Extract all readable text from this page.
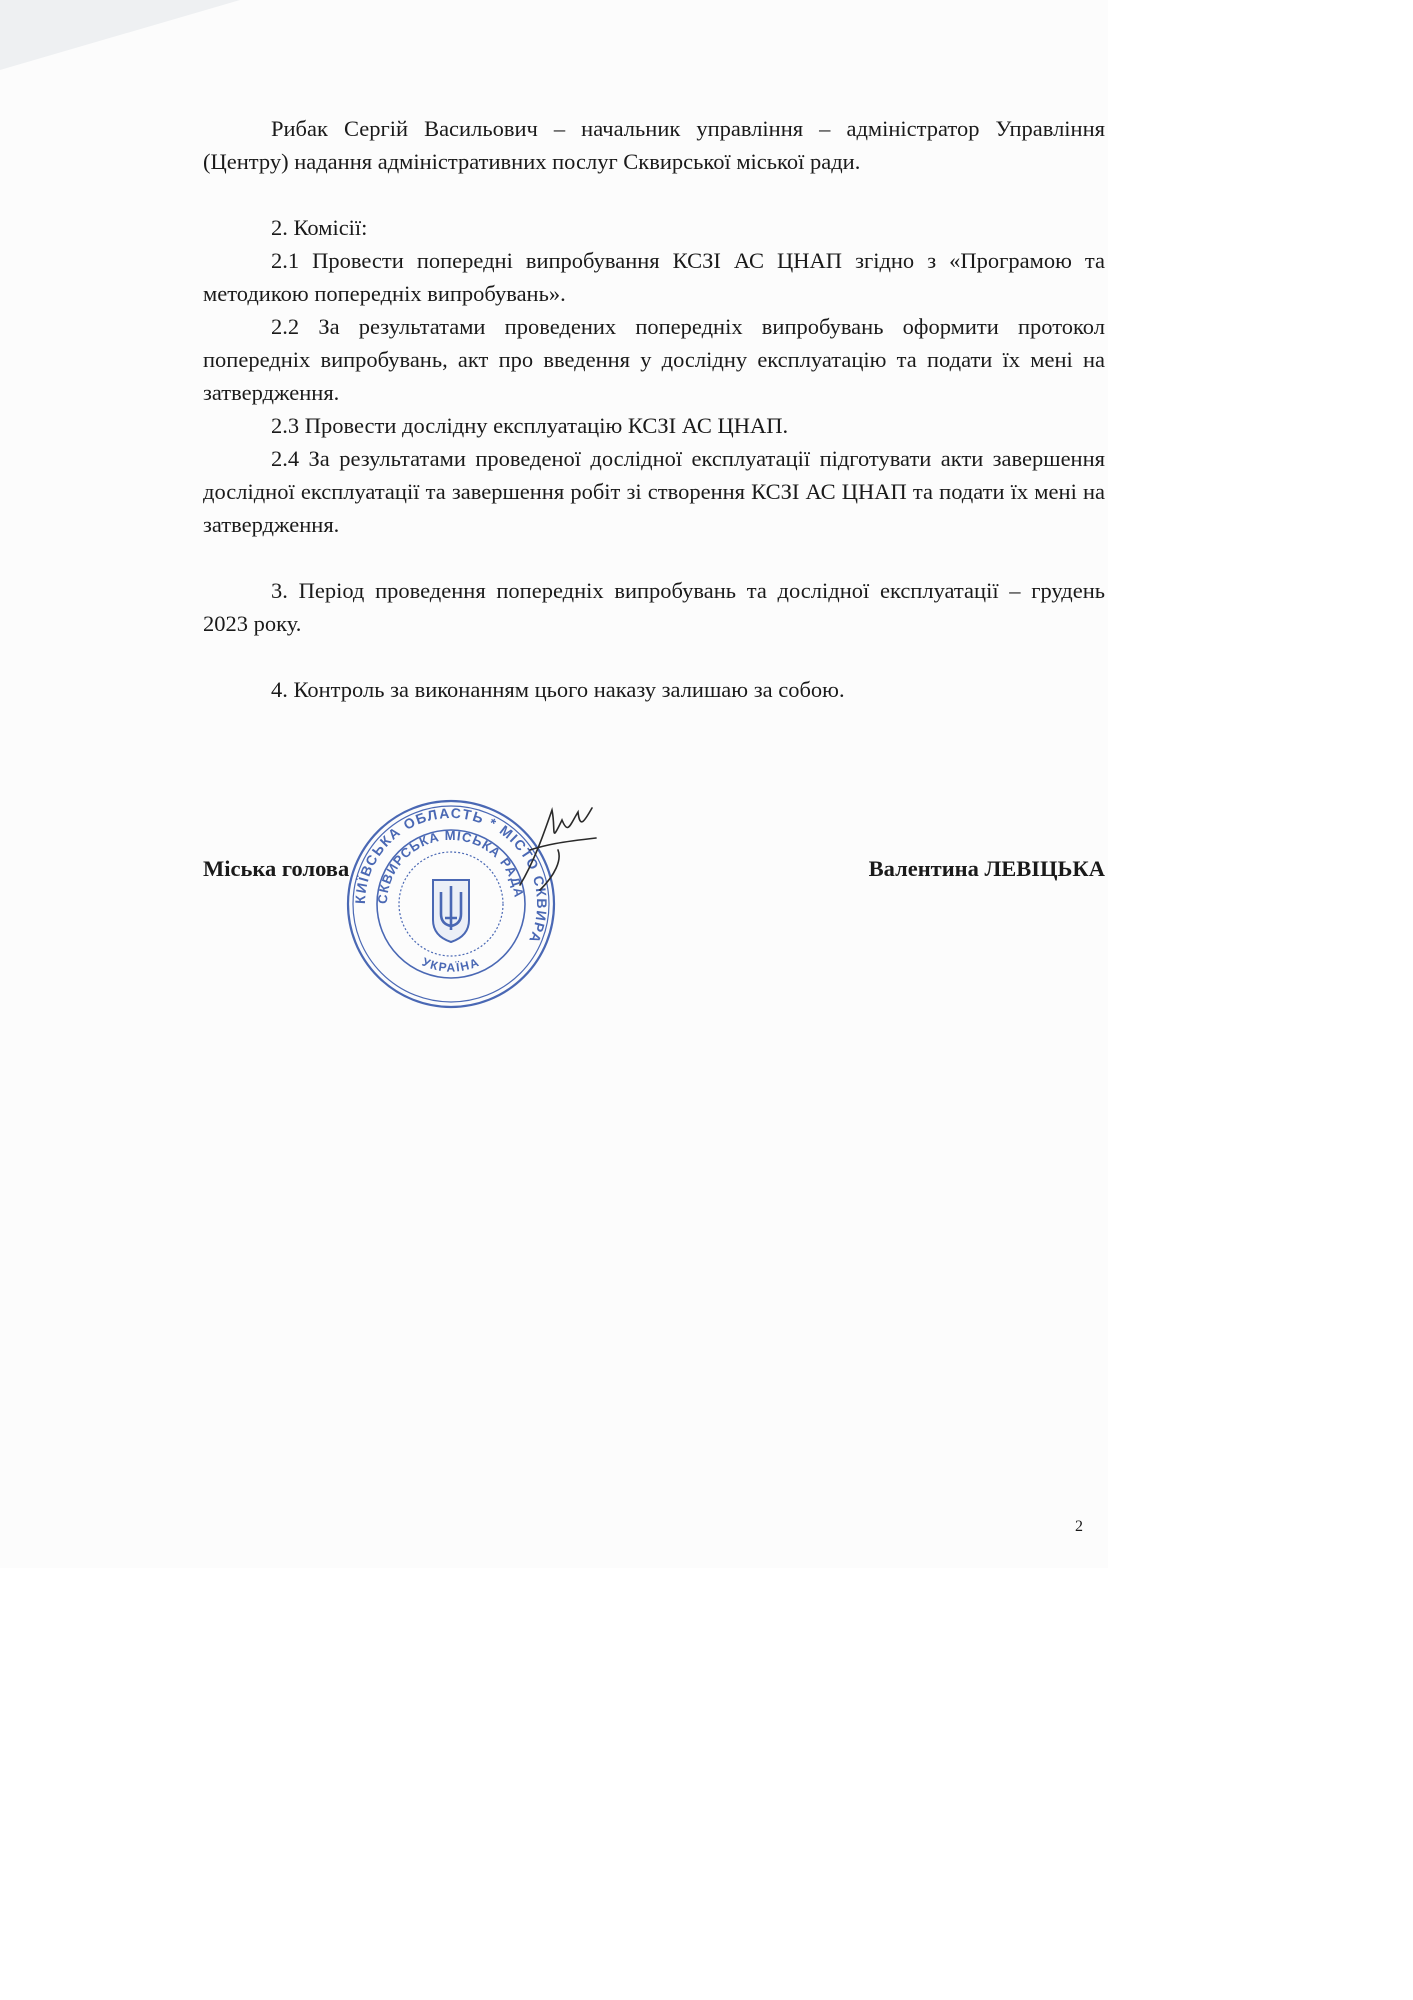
Рибак Сергій Васильович – начальник управління – адміністратор Управління (Центру) надання адміністративних послуг Сквирської міської ради.

2. Комісії:

2.1 Провести попередні випробування КСЗІ АС ЦНАП згідно з «Програмою та методикою попередніх випробувань».

2.2 За результатами проведених попередніх випробувань оформити протокол попередніх випробувань, акт про введення у дослідну експлуатацію та подати їх мені на затвердження.

2.3 Провести дослідну експлуатацію КСЗІ АС ЦНАП.

2.4 За результатами проведеної дослідної експлуатації підготувати акти завершення дослідної експлуатації та завершення робіт зі створення КСЗІ АС ЦНАП та подати їх мені на затвердження.

3. Період проведення попередніх випробувань та дослідної експлуатації – грудень 2023 року.

4. Контроль за виконанням цього наказу залишаю за собою.

Міська голова	Валентина ЛЕВІЦЬКА
КИЇВСЬКА ОБЛАСТЬ * МІСТО СКВИРА
СКВИРСЬКА МІСЬКА РАДА
УКРАЇНА
2
